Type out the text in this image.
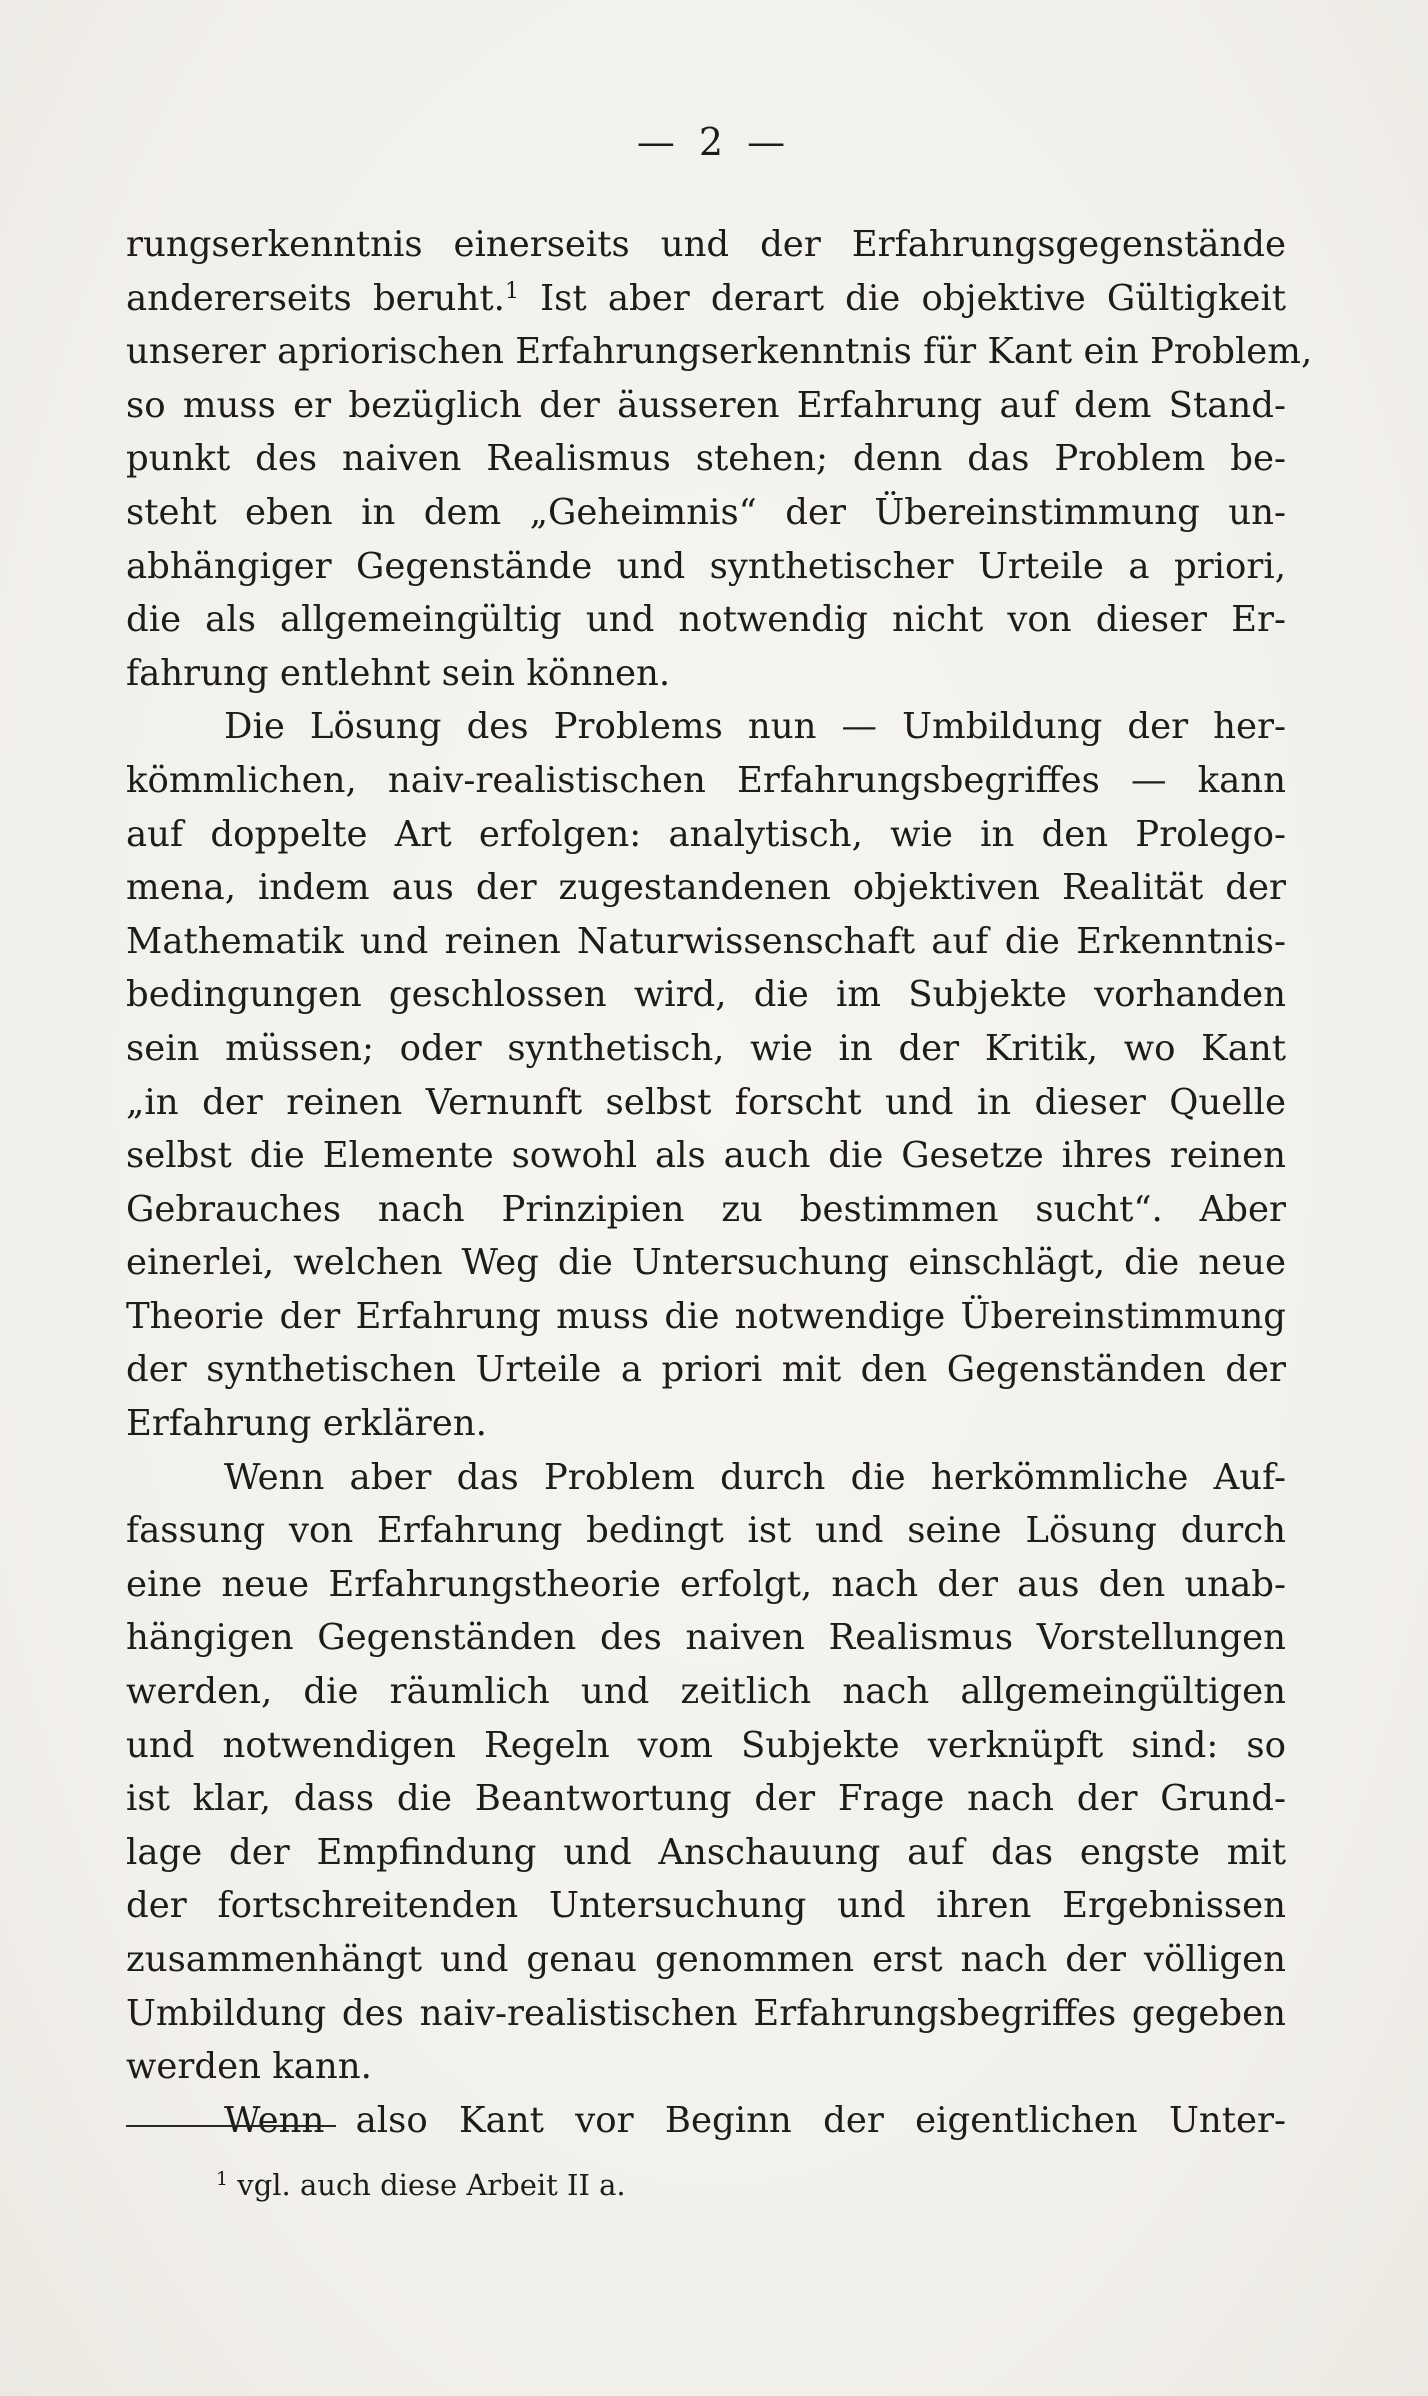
— 2 —
rungserkenntnis einerseits und der Erfahrungsgegenstände
andererseits beruht.$^1$ Ist aber derart die objektive Gültigkeit
unserer apriorischen Erfahrungserkenntnis für Kant ein Problem,
so muss er bezüglich der äusseren Erfahrung auf dem Stand-
punkt des naiven Realismus stehen; denn das Problem be-
steht eben in dem „Geheimnis“ der Übereinstimmung un-
abhängiger Gegenstände und synthetischer Urteile a priori,
die als allgemeingültig und notwendig nicht von dieser Er-
fahrung entlehnt sein können.
Die Lösung des Problems nun — Umbildung der her-
kömmlichen, naiv-realistischen Erfahrungsbegriffes — kann
auf doppelte Art erfolgen: analytisch, wie in den Prolego-
mena, indem aus der zugestandenen objektiven Realität der
Mathematik und reinen Naturwissenschaft auf die Erkenntnis-
bedingungen geschlossen wird, die im Subjekte vorhanden
sein müssen; oder synthetisch, wie in der Kritik, wo Kant
„in der reinen Vernunft selbst forscht und in dieser Quelle
selbst die Elemente sowohl als auch die Gesetze ihres reinen
Gebrauches nach Prinzipien zu bestimmen sucht“. Aber
einerlei, welchen Weg die Untersuchung einschlägt, die neue
Theorie der Erfahrung muss die notwendige Übereinstimmung
der synthetischen Urteile a priori mit den Gegenständen der
Erfahrung erklären.
Wenn aber das Problem durch die herkömmliche Auf-
fassung von Erfahrung bedingt ist und seine Lösung durch
eine neue Erfahrungstheorie erfolgt, nach der aus den unab-
hängigen Gegenständen des naiven Realismus Vorstellungen
werden, die räumlich und zeitlich nach allgemeingültigen
und notwendigen Regeln vom Subjekte verknüpft sind: so
ist klar, dass die Beantwortung der Frage nach der Grund-
lage der Empfindung und Anschauung auf das engste mit
der fortschreitenden Untersuchung und ihren Ergebnissen
zusammenhängt und genau genommen erst nach der völligen
Umbildung des naiv-realistischen Erfahrungsbegriffes gegeben
werden kann.
Wenn also Kant vor Beginn der eigentlichen Unter-
$^1$ vgl. auch diese Arbeit II a.
